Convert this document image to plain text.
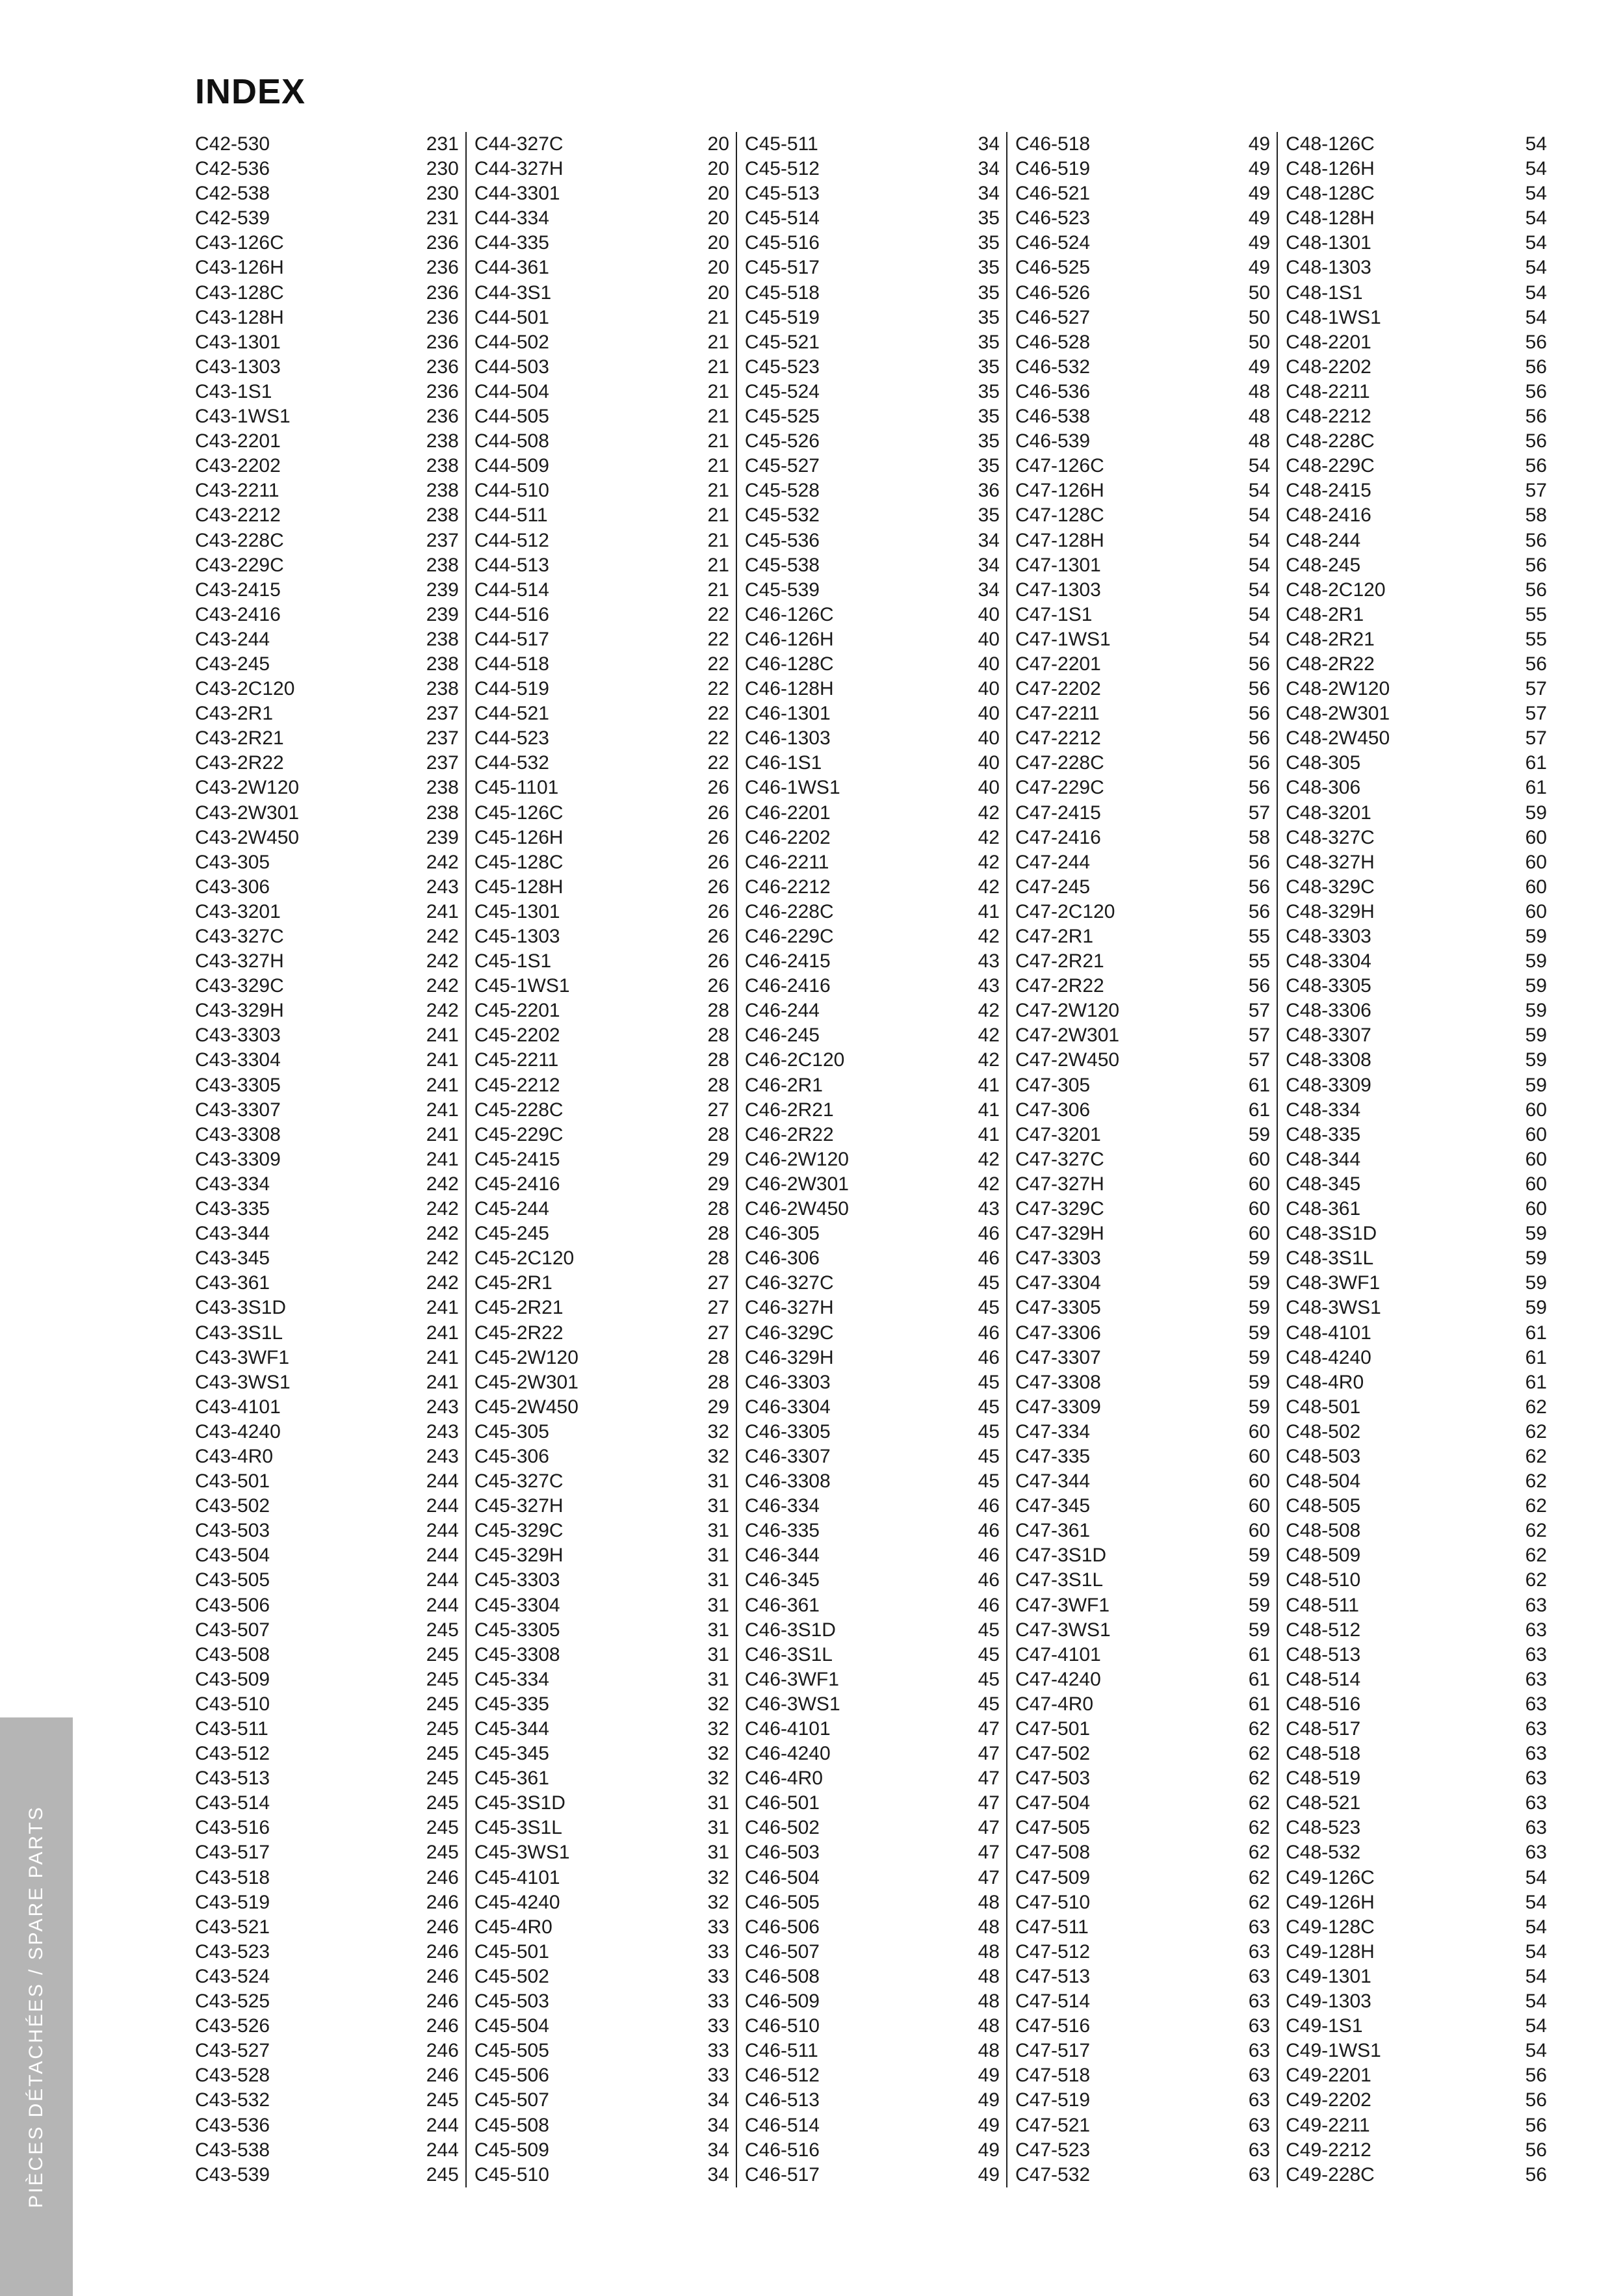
INDEX
C42-530	231
C42-536	230
C42-538	230
C42-539	231
C43-126C	236
C43-126H	236
C43-128C	236
C43-128H	236
C43-1301	236
C43-1303	236
C43-1S1	236
C43-1WS1	236
C43-2201	238
C43-2202	238
C43-2211	238
C43-2212	238
C43-228C	237
C43-229C	238
C43-2415	239
C43-2416	239
C43-244	238
C43-245	238
C43-2C120	238
C43-2R1	237
C43-2R21	237
C43-2R22	237
C43-2W120	238
C43-2W301	238
C43-2W450	239
C43-305	242
C43-306	243
C43-3201	241
C43-327C	242
C43-327H	242
C43-329C	242
C43-329H	242
C43-3303	241
C43-3304	241
C43-3305	241
C43-3307	241
C43-3308	241
C43-3309	241
C43-334	242
C43-335	242
C43-344	242
C43-345	242
C43-361	242
C43-3S1D	241
C43-3S1L	241
C43-3WF1	241
C43-3WS1	241
C43-4101	243
C43-4240	243
C43-4R0	243
C43-501	244
C43-502	244
C43-503	244
C43-504	244
C43-505	244
C43-506	244
C43-507	245
C43-508	245
C43-509	245
C43-510	245
C43-511	245
C43-512	245
C43-513	245
C43-514	245
C43-516	245
C43-517	245
C43-518	246
C43-519	246
C43-521	246
C43-523	246
C43-524	246
C43-525	246
C43-526	246
C43-527	246
C43-528	246
C43-532	245
C43-536	244
C43-538	244
C43-539	245
C44-327C	20
C44-327H	20
C44-3301	20
C44-334	20
C44-335	20
C44-361	20
C44-3S1	20
C44-501	21
C44-502	21
C44-503	21
C44-504	21
C44-505	21
C44-508	21
C44-509	21
C44-510	21
C44-511	21
C44-512	21
C44-513	21
C44-514	21
C44-516	22
C44-517	22
C44-518	22
C44-519	22
C44-521	22
C44-523	22
C44-532	22
C45-1101	26
C45-126C	26
C45-126H	26
C45-128C	26
C45-128H	26
C45-1301	26
C45-1303	26
C45-1S1	26
C45-1WS1	26
C45-2201	28
C45-2202	28
C45-2211	28
C45-2212	28
C45-228C	27
C45-229C	28
C45-2415	29
C45-2416	29
C45-244	28
C45-245	28
C45-2C120	28
C45-2R1	27
C45-2R21	27
C45-2R22	27
C45-2W120	28
C45-2W301	28
C45-2W450	29
C45-305	32
C45-306	32
C45-327C	31
C45-327H	31
C45-329C	31
C45-329H	31
C45-3303	31
C45-3304	31
C45-3305	31
C45-3308	31
C45-334	31
C45-335	32
C45-344	32
C45-345	32
C45-361	32
C45-3S1D	31
C45-3S1L	31
C45-3WS1	31
C45-4101	32
C45-4240	32
C45-4R0	33
C45-501	33
C45-502	33
C45-503	33
C45-504	33
C45-505	33
C45-506	33
C45-507	34
C45-508	34
C45-509	34
C45-510	34
C45-511	34
C45-512	34
C45-513	34
C45-514	35
C45-516	35
C45-517	35
C45-518	35
C45-519	35
C45-521	35
C45-523	35
C45-524	35
C45-525	35
C45-526	35
C45-527	35
C45-528	36
C45-532	35
C45-536	34
C45-538	34
C45-539	34
C46-126C	40
C46-126H	40
C46-128C	40
C46-128H	40
C46-1301	40
C46-1303	40
C46-1S1	40
C46-1WS1	40
C46-2201	42
C46-2202	42
C46-2211	42
C46-2212	42
C46-228C	41
C46-229C	42
C46-2415	43
C46-2416	43
C46-244	42
C46-245	42
C46-2C120	42
C46-2R1	41
C46-2R21	41
C46-2R22	41
C46-2W120	42
C46-2W301	42
C46-2W450	43
C46-305	46
C46-306	46
C46-327C	45
C46-327H	45
C46-329C	46
C46-329H	46
C46-3303	45
C46-3304	45
C46-3305	45
C46-3307	45
C46-3308	45
C46-334	46
C46-335	46
C46-344	46
C46-345	46
C46-361	46
C46-3S1D	45
C46-3S1L	45
C46-3WF1	45
C46-3WS1	45
C46-4101	47
C46-4240	47
C46-4R0	47
C46-501	47
C46-502	47
C46-503	47
C46-504	47
C46-505	48
C46-506	48
C46-507	48
C46-508	48
C46-509	48
C46-510	48
C46-511	48
C46-512	49
C46-513	49
C46-514	49
C46-516	49
C46-517	49
C46-518	49
C46-519	49
C46-521	49
C46-523	49
C46-524	49
C46-525	49
C46-526	50
C46-527	50
C46-528	50
C46-532	49
C46-536	48
C46-538	48
C46-539	48
C47-126C	54
C47-126H	54
C47-128C	54
C47-128H	54
C47-1301	54
C47-1303	54
C47-1S1	54
C47-1WS1	54
C47-2201	56
C47-2202	56
C47-2211	56
C47-2212	56
C47-228C	56
C47-229C	56
C47-2415	57
C47-2416	58
C47-244	56
C47-245	56
C47-2C120	56
C47-2R1	55
C47-2R21	55
C47-2R22	56
C47-2W120	57
C47-2W301	57
C47-2W450	57
C47-305	61
C47-306	61
C47-3201	59
C47-327C	60
C47-327H	60
C47-329C	60
C47-329H	60
C47-3303	59
C47-3304	59
C47-3305	59
C47-3306	59
C47-3307	59
C47-3308	59
C47-3309	59
C47-334	60
C47-335	60
C47-344	60
C47-345	60
C47-361	60
C47-3S1D	59
C47-3S1L	59
C47-3WF1	59
C47-3WS1	59
C47-4101	61
C47-4240	61
C47-4R0	61
C47-501	62
C47-502	62
C47-503	62
C47-504	62
C47-505	62
C47-508	62
C47-509	62
C47-510	62
C47-511	63
C47-512	63
C47-513	63
C47-514	63
C47-516	63
C47-517	63
C47-518	63
C47-519	63
C47-521	63
C47-523	63
C47-532	63
C48-126C	54
C48-126H	54
C48-128C	54
C48-128H	54
C48-1301	54
C48-1303	54
C48-1S1	54
C48-1WS1	54
C48-2201	56
C48-2202	56
C48-2211	56
C48-2212	56
C48-228C	56
C48-229C	56
C48-2415	57
C48-2416	58
C48-244	56
C48-245	56
C48-2C120	56
C48-2R1	55
C48-2R21	55
C48-2R22	56
C48-2W120	57
C48-2W301	57
C48-2W450	57
C48-305	61
C48-306	61
C48-3201	59
C48-327C	60
C48-327H	60
C48-329C	60
C48-329H	60
C48-3303	59
C48-3304	59
C48-3305	59
C48-3306	59
C48-3307	59
C48-3308	59
C48-3309	59
C48-334	60
C48-335	60
C48-344	60
C48-345	60
C48-361	60
C48-3S1D	59
C48-3S1L	59
C48-3WF1	59
C48-3WS1	59
C48-4101	61
C48-4240	61
C48-4R0	61
C48-501	62
C48-502	62
C48-503	62
C48-504	62
C48-505	62
C48-508	62
C48-509	62
C48-510	62
C48-511	63
C48-512	63
C48-513	63
C48-514	63
C48-516	63
C48-517	63
C48-518	63
C48-519	63
C48-521	63
C48-523	63
C48-532	63
C49-126C	54
C49-126H	54
C49-128C	54
C49-128H	54
C49-1301	54
C49-1303	54
C49-1S1	54
C49-1WS1	54
C49-2201	56
C49-2202	56
C49-2211	56
C49-2212	56
C49-228C	56
PIÈCES DÉTACHÉES / SPARE PARTS
